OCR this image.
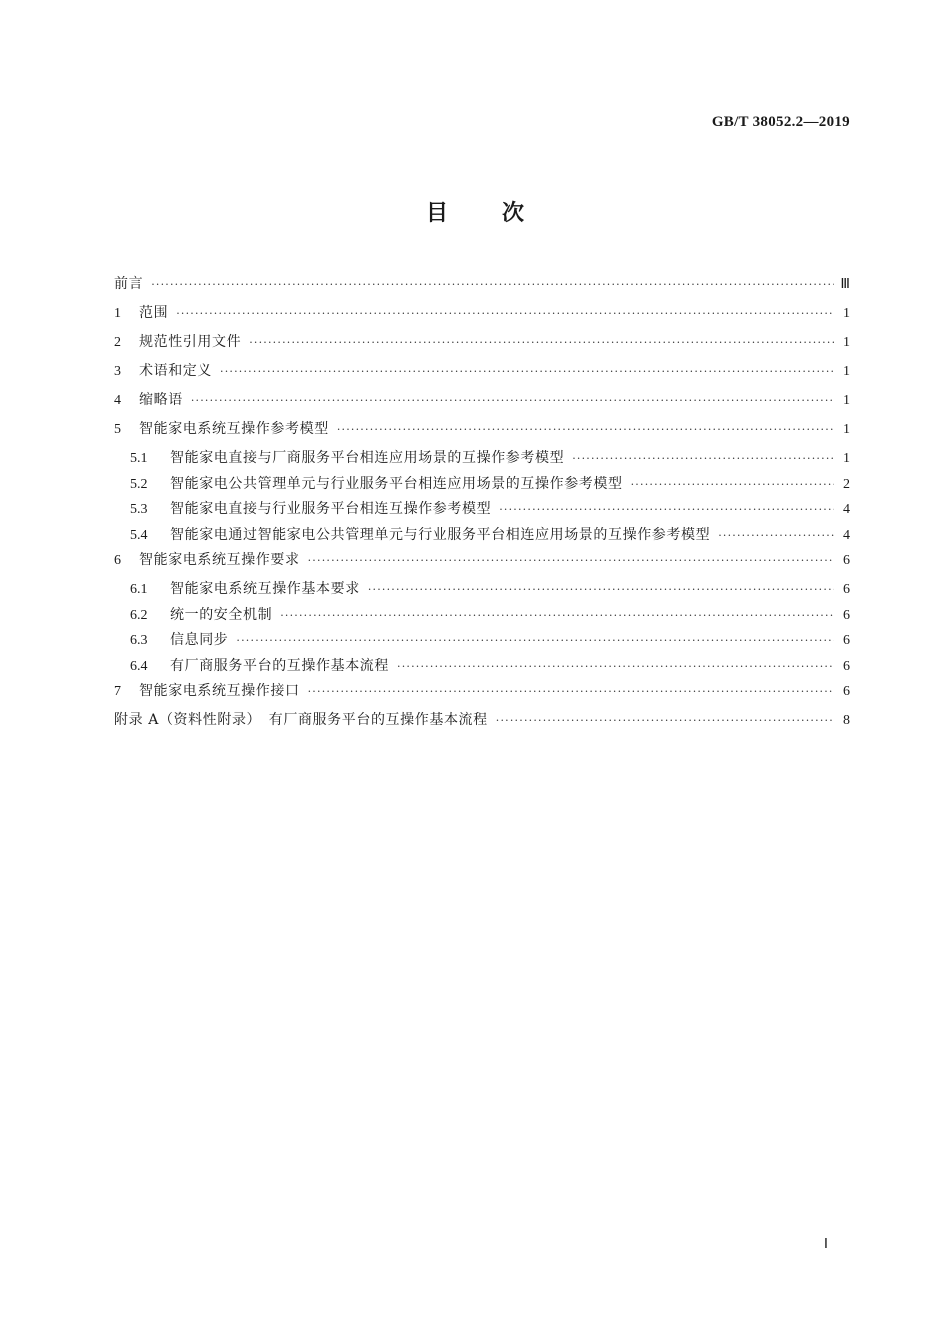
GB/T 38052.2—2019
目 次
前言 ·····	Ⅲ
1	范围 ·····	1
2	规范性引用文件 ·····	1
3	术语和定义 ·····	1
4	缩略语 ·····	1
5	智能家电系统互操作参考模型 ·····	1
5.1	智能家电直接与厂商服务平台相连应用场景的互操作参考模型 ·····	1
5.2	智能家电公共管理单元与行业服务平台相连应用场景的互操作参考模型 ·····	2
5.3	智能家电直接与行业服务平台相连互操作参考模型 ·····	4
5.4	智能家电通过智能家电公共管理单元与行业服务平台相连应用场景的互操作参考模型 ·····	4
6	智能家电系统互操作要求 ·····	6
6.1	智能家电系统互操作基本要求 ·····	6
6.2	统一的安全机制 ·····	6
6.3	信息同步 ·····	6
6.4	有厂商服务平台的互操作基本流程 ·····	6
7	智能家电系统互操作接口 ·····	6
附录 A（资料性附录）　有厂商服务平台的互操作基本流程 ·····	8
Ⅰ
